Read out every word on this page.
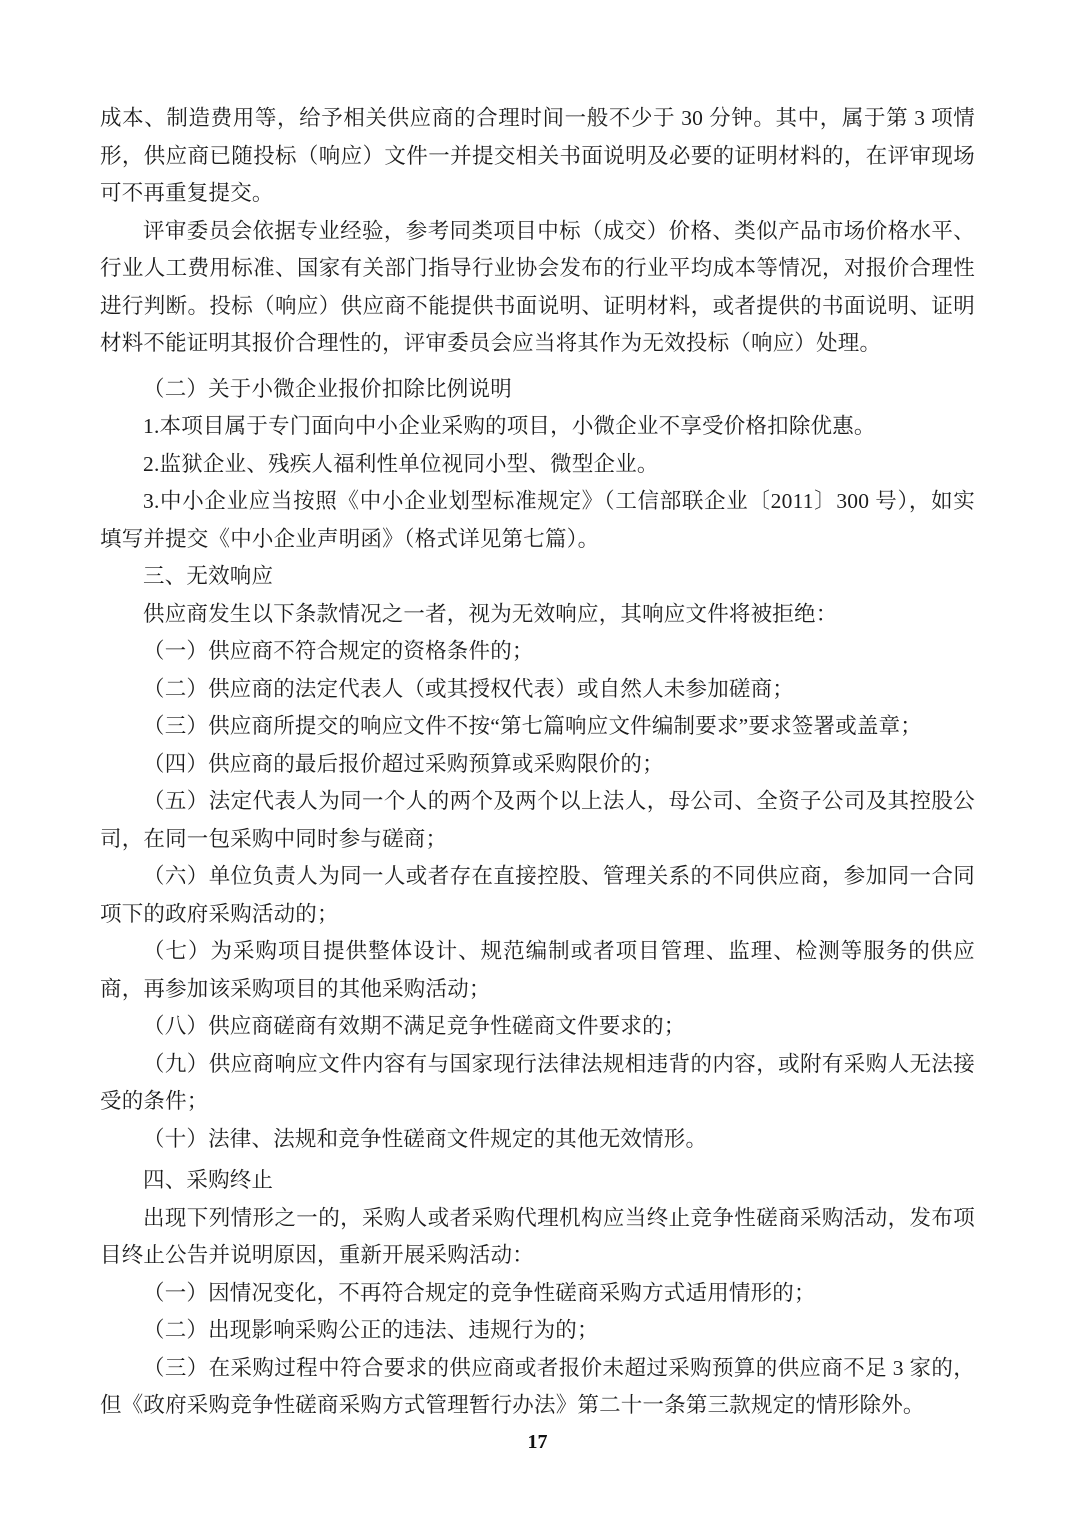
成本、制造费用等，给予相关供应商的合理时间一般不少于 30 分钟。其中，属于第 3 项情形，供应商已随投标（响应）文件一并提交相关书面说明及必要的证明材料的，在评审现场可不再重复提交。

评审委员会依据专业经验，参考同类项目中标（成交）价格、类似产品市场价格水平、行业人工费用标准、国家有关部门指导行业协会发布的行业平均成本等情况，对报价合理性进行判断。投标（响应）供应商不能提供书面说明、证明材料，或者提供的书面说明、证明材料不能证明其报价合理性的，评审委员会应当将其作为无效投标（响应）处理。

（二）关于小微企业报价扣除比例说明

1.本项目属于专门面向中小企业采购的项目，小微企业不享受价格扣除优惠。

2.监狱企业、残疾人福利性单位视同小型、微型企业。

3.中小企业应当按照《中小企业划型标准规定》（工信部联企业〔2011〕300 号），如实填写并提交《中小企业声明函》（格式详见第七篇）。

三、无效响应

供应商发生以下条款情况之一者，视为无效响应，其响应文件将被拒绝：

（一）供应商不符合规定的资格条件的；

（二）供应商的法定代表人（或其授权代表）或自然人未参加磋商；

（三）供应商所提交的响应文件不按“第七篇响应文件编制要求”要求签署或盖章；

（四）供应商的最后报价超过采购预算或采购限价的；

（五）法定代表人为同一个人的两个及两个以上法人，母公司、全资子公司及其控股公司，在同一包采购中同时参与磋商；

（六）单位负责人为同一人或者存在直接控股、管理关系的不同供应商，参加同一合同项下的政府采购活动的；

（七）为采购项目提供整体设计、规范编制或者项目管理、监理、检测等服务的供应商，再参加该采购项目的其他采购活动；

（八）供应商磋商有效期不满足竞争性磋商文件要求的；

（九）供应商响应文件内容有与国家现行法律法规相违背的内容，或附有采购人无法接受的条件；

（十）法律、法规和竞争性磋商文件规定的其他无效情形。

四、采购终止

出现下列情形之一的，采购人或者采购代理机构应当终止竞争性磋商采购活动，发布项目终止公告并说明原因，重新开展采购活动：

（一）因情况变化，不再符合规定的竞争性磋商采购方式适用情形的；

（二）出现影响采购公正的违法、违规行为的；

（三）在采购过程中符合要求的供应商或者报价未超过采购预算的供应商不足 3 家的，但《政府采购竞争性磋商采购方式管理暂行办法》第二十一条第三款规定的情形除外。

17
